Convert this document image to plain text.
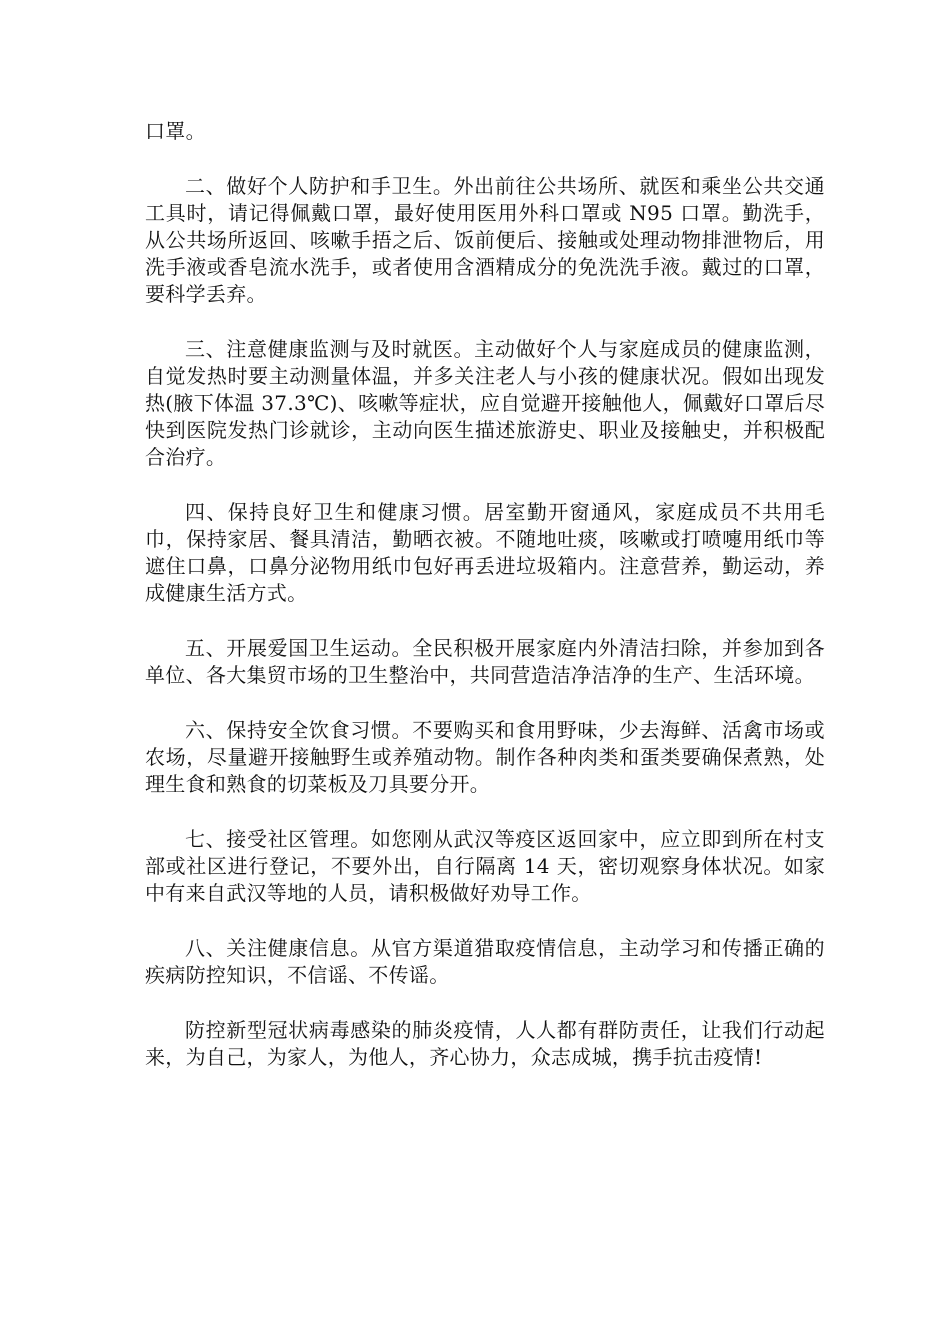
口罩。

二、做好个人防护和手卫生。外出前往公共场所、就医和乘坐公共交通工具时，请记得佩戴口罩，最好使用医用外科口罩或 N95 口罩。勤洗手，从公共场所返回、咳嗽手捂之后、饭前便后、接触或处理动物排泄物后，用洗手液或香皂流水洗手，或者使用含酒精成分的免洗洗手液。戴过的口罩，要科学丢弃。

三、注意健康监测与及时就医。主动做好个人与家庭成员的健康监测，自觉发热时要主动测量体温，并多关注老人与小孩的健康状况。假如出现发热(腋下体温 37.3℃)、咳嗽等症状，应自觉避开接触他人，佩戴好口罩后尽快到医院发热门诊就诊，主动向医生描述旅游史、职业及接触史，并积极配合治疗。

四、保持良好卫生和健康习惯。居室勤开窗通风，家庭成员不共用毛巾，保持家居、餐具清洁，勤晒衣被。不随地吐痰，咳嗽或打喷嚏用纸巾等遮住口鼻，口鼻分泌物用纸巾包好再丢进垃圾箱内。注意营养，勤运动，养成健康生活方式。

五、开展爱国卫生运动。全民积极开展家庭内外清洁扫除，并参加到各单位、各大集贸市场的卫生整治中，共同营造洁净洁净的生产、生活环境。

六、保持安全饮食习惯。不要购买和食用野味，少去海鲜、活禽市场或农场，尽量避开接触野生或养殖动物。制作各种肉类和蛋类要确保煮熟，处理生食和熟食的切菜板及刀具要分开。

七、接受社区管理。如您刚从武汉等疫区返回家中，应立即到所在村支部或社区进行登记，不要外出，自行隔离 14 天，密切观察身体状况。如家中有来自武汉等地的人员，请积极做好劝导工作。

八、关注健康信息。从官方渠道猎取疫情信息，主动学习和传播正确的疾病防控知识，不信谣、不传谣。

防控新型冠状病毒感染的肺炎疫情，人人都有群防责任，让我们行动起来，为自己，为家人，为他人，齐心协力，众志成城，携手抗击疫情!
